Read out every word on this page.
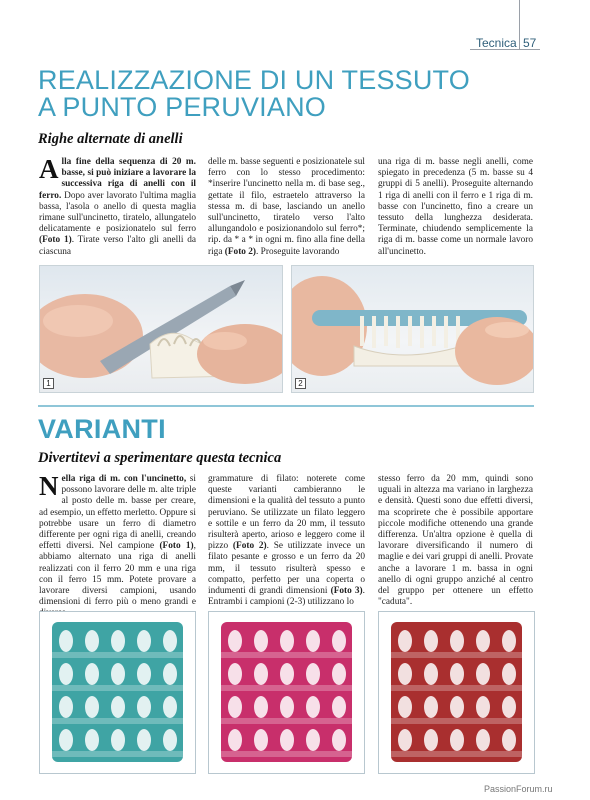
Tecnica 57
REALIZZAZIONE DI UN TESSUTO
A PUNTO PERUVIANO
Righe alternate di anelli

Alla fine della sequenza di 20 m. basse, si può iniziare a lavorare la successiva riga di anelli con il ferro. Dopo aver lavorato l'ultima maglia bassa, l'asola o anello di questa maglia rimane sull'uncinetto, tiratelo, allungatelo delicatamente e posizionatelo sul ferro (Foto 1). Tirate verso l'alto gli anelli da ciascuna

delle m. basse seguenti e posizionatele sul ferro con lo stesso procedimento: *inserire l'uncinetto nella m. di base seg., gettate il filo, estraetelo attraverso la stessa m. di base, lasciando un anello sull'uncinetto, tiratelo verso l'alto allungandolo e posizionandolo sul ferro*; rip. da * a * in ogni m. fino alla fine della riga (Foto 2). Proseguite lavorando

una riga di m. basse negli anelli, come spiegato in precedenza (5 m. basse su 4 gruppi di 5 anelli). Proseguite alternando 1 riga di anelli con il ferro e 1 riga di m. basse con l'uncinetto, fino a creare un tessuto della lunghezza desiderata. Terminate, chiudendo semplicemente la riga di m. basse come un normale lavoro all'uncinetto.

1	2
VARIANTI
Divertitevi a sperimentare questa tecnica

Nella riga di m. con l'uncinetto, si possono lavorare delle m. alte triple al posto delle m. basse per creare, ad esempio, un effetto merletto. Oppure si potrebbe usare un ferro di diametro differente per ogni riga di anelli, creando effetti diversi. Nel campione (Foto 1), abbiamo alternato una riga di anelli realizzati con il ferro 20 mm e una riga con il ferro 15 mm. Potete provare a lavorare diversi campioni, usando dimensioni di ferro più o meno grandi e

grammature di filato: noterete come queste varianti cambieranno le dimensioni e la qualità del tessuto a punto peruviano. Se utilizzate un filato leggero e sottile e un ferro da 20 mm, il tessuto risulterà aperto, arioso e leggero come il pizzo (Foto 2). Se utilizzate invece un filato pesante e grosso e un ferro da 20 mm, il tessuto risulterà spesso e compatto, perfetto per una coperta o indumenti di grandi dimensioni (Foto 3). Entrambi i campioni (2-3) utilizzano lo

stesso ferro da 20 mm, quindi sono uguali in altezza ma variano in larghezza e densità. Questi sono due effetti diversi, ma scoprirete che è possibile apportare piccole modifiche ottenendo una grande differenza. Un'altra opzione è quella di lavorare diversificando il numero di maglie e dei vari gruppi di anelli. Provate anche a lavorare 1 m. bassa in ogni anello di ogni gruppo anziché al centro del gruppo per ottenere un effetto "caduta".

PassionForum.ru
